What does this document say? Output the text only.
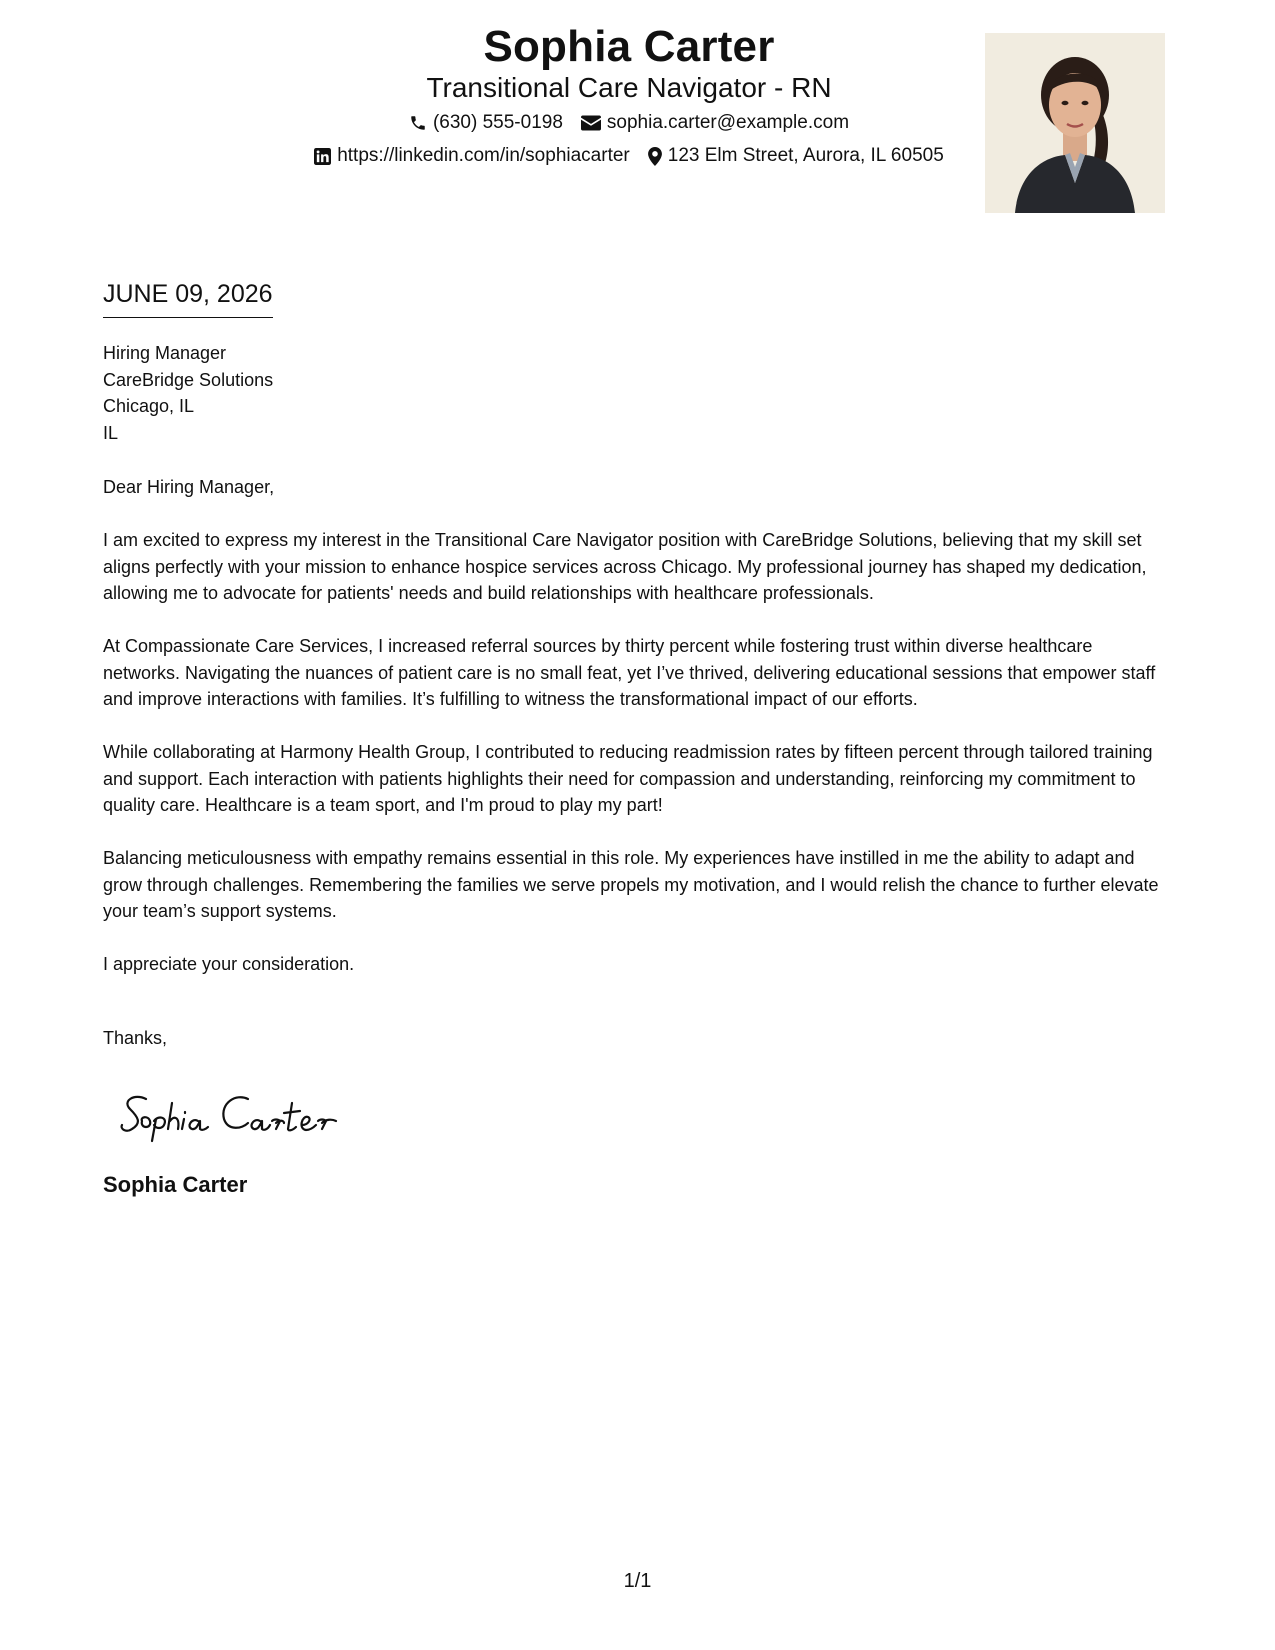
Sophia Carter
Transitional Care Navigator - RN
(630) 555-0198 sophia.carter@example.com
https://linkedin.com/in/sophiacarter 123 Elm Street, Aurora, IL 60505
JUNE 09, 2026
Hiring Manager
CareBridge Solutions
Chicago, IL
IL

Dear Hiring Manager,

I am excited to express my interest in the Transitional Care Navigator position with CareBridge Solutions, believing that my skill set aligns perfectly with your mission to enhance hospice services across Chicago. My professional journey has shaped my dedication, allowing me to advocate for patients' needs and build relationships with healthcare professionals.

At Compassionate Care Services, I increased referral sources by thirty percent while fostering trust within diverse healthcare networks. Navigating the nuances of patient care is no small feat, yet I’ve thrived, delivering educational sessions that empower staff and improve interactions with families. It’s fulfilling to witness the transformational impact of our efforts.

While collaborating at Harmony Health Group, I contributed to reducing readmission rates by fifteen percent through tailored training and support. Each interaction with patients highlights their need for compassion and understanding, reinforcing my commitment to quality care. Healthcare is a team sport, and I'm proud to play my part!

Balancing meticulousness with empathy remains essential in this role. My experiences have instilled in me the ability to adapt and grow through challenges. Remembering the families we serve propels my motivation, and I would relish the chance to further elevate your team’s support systems.

I appreciate your consideration.

Thanks,
Sophia Carter
1/1
